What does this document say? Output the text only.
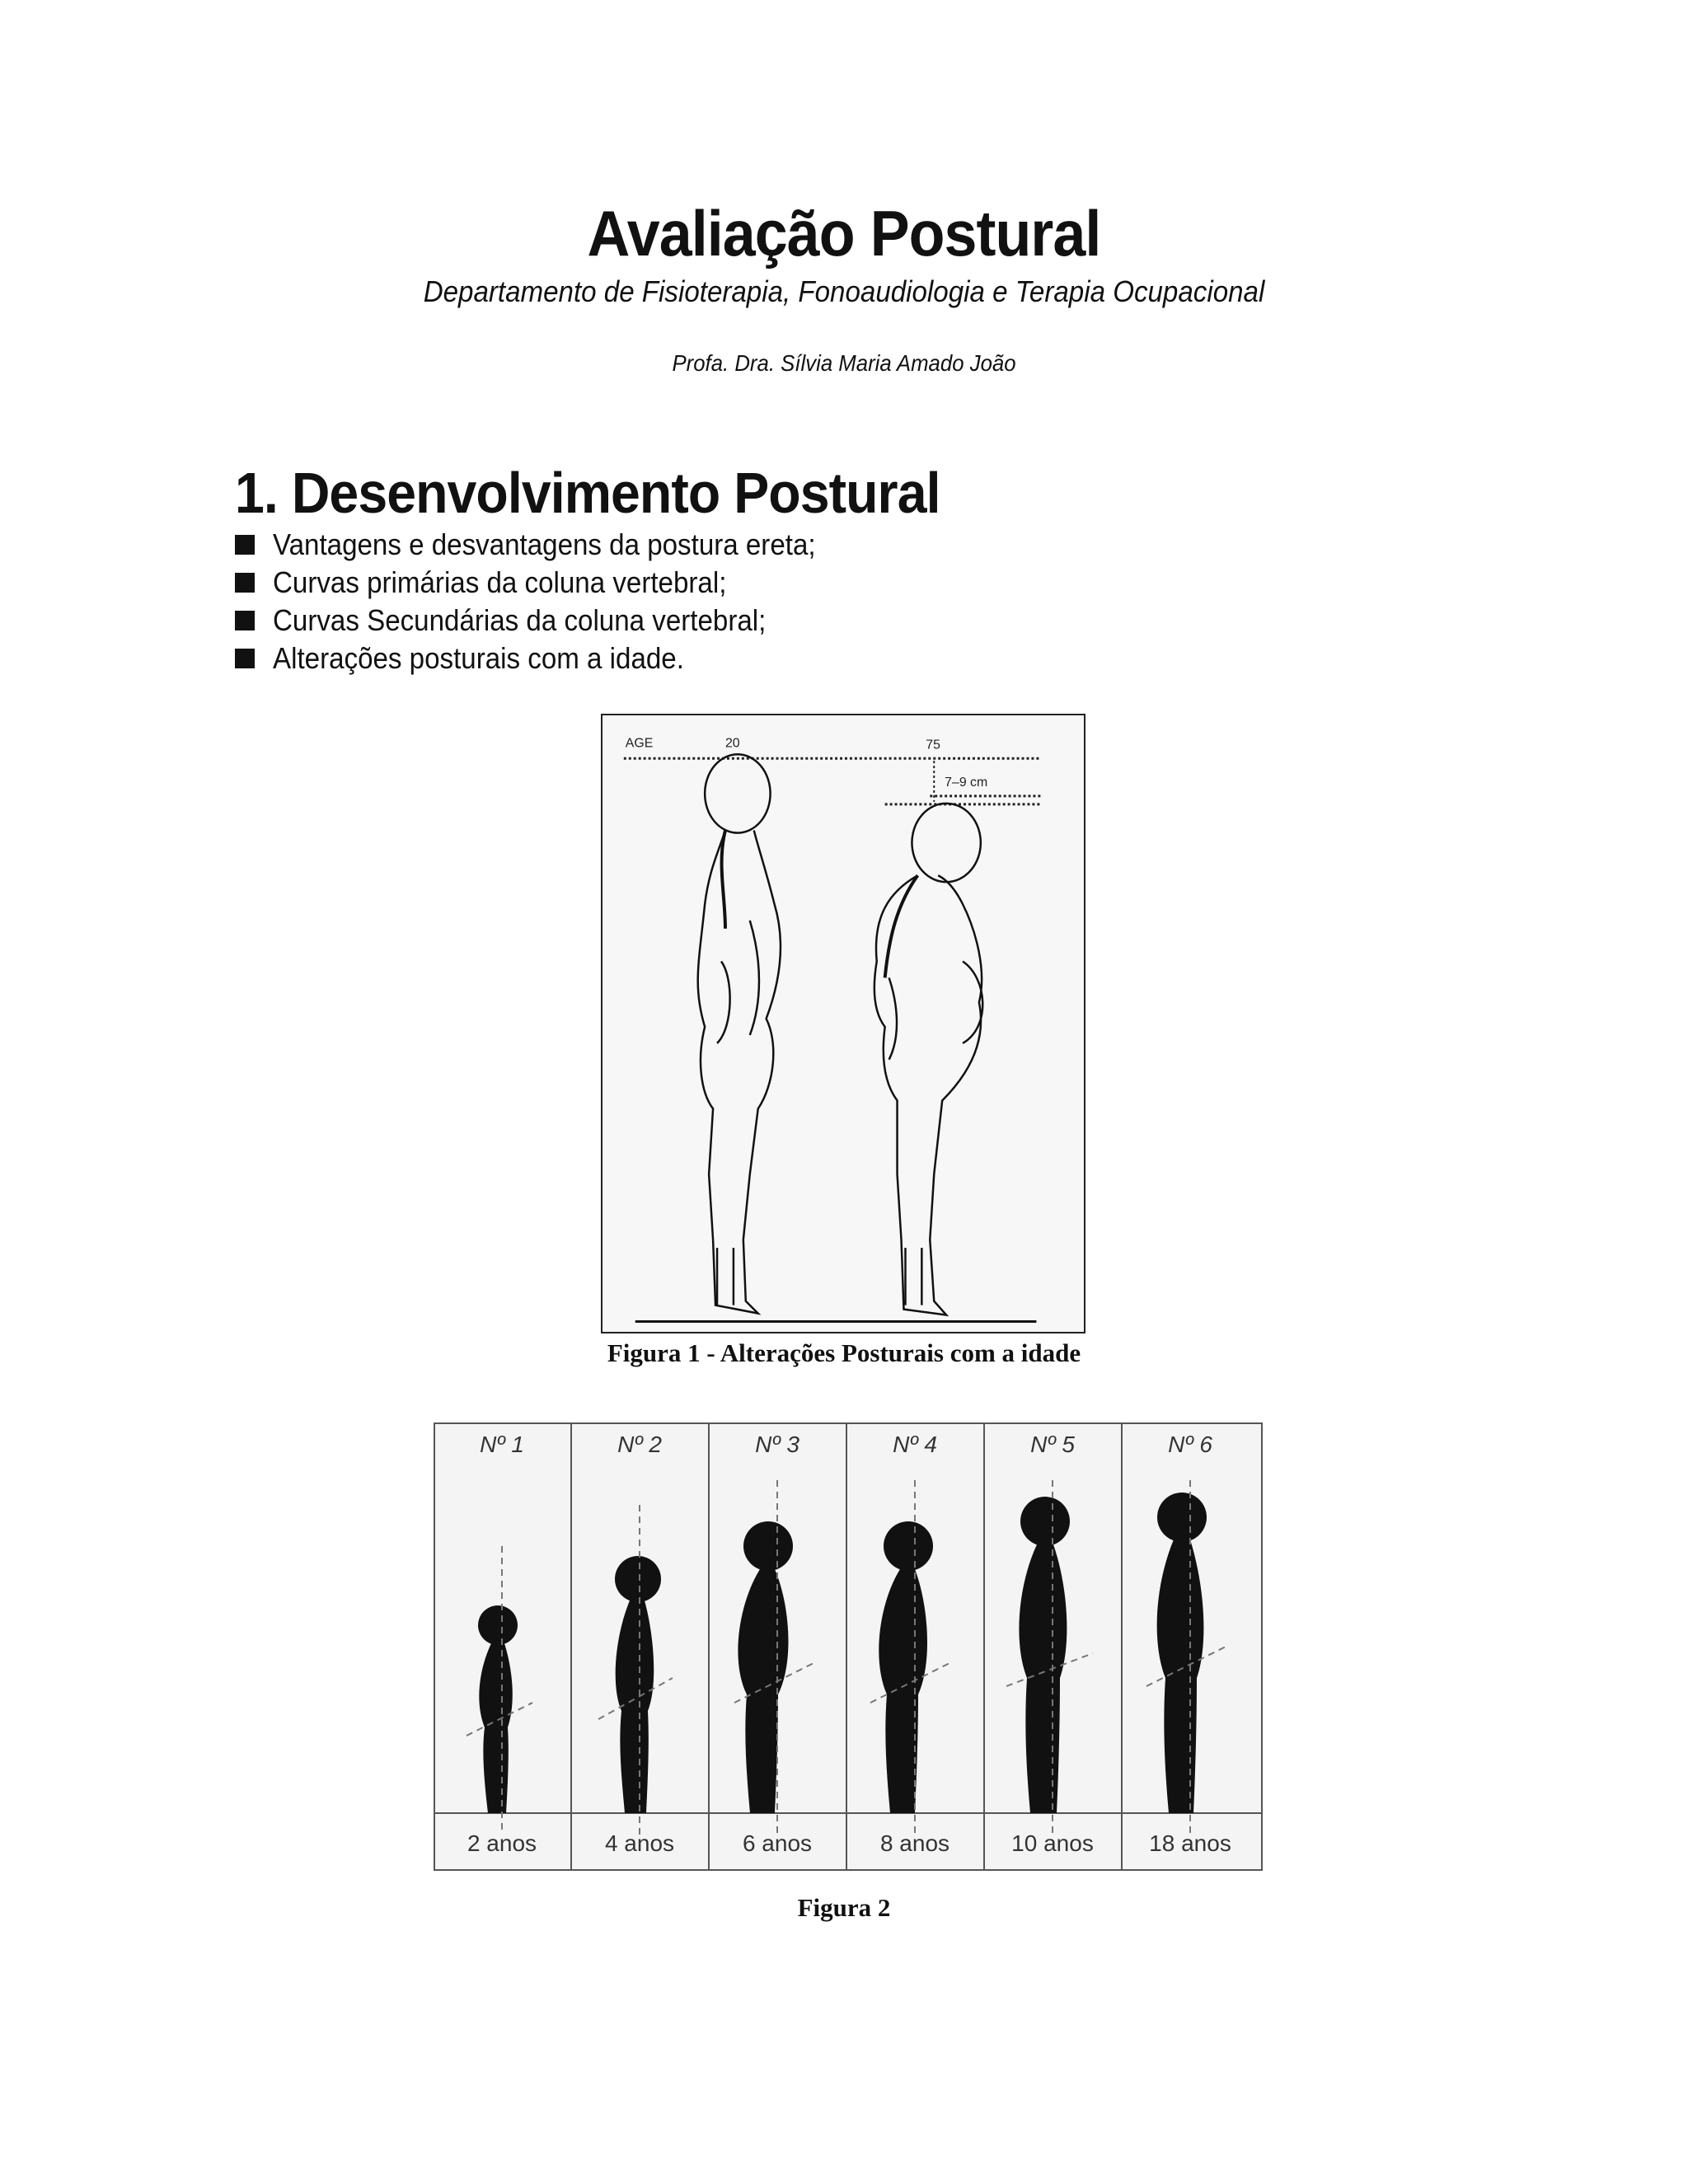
Avaliação Postural
Departamento de Fisioterapia, Fonoaudiologia e Terapia Ocupacional
Profa. Dra. Sílvia Maria Amado João
1. Desenvolvimento Postural
Vantagens e desvantagens da postura ereta;
Curvas primárias da coluna vertebral;
Curvas Secundárias da coluna vertebral;
Alterações posturais com a idade.
AGE	20	75
7–9 cm
Figura 1 - Alterações Posturais com a idade
Nº 1	Nº 2	Nº 3	Nº 4	Nº 5	Nº 6
2 anos	4 anos	6 anos	8 anos	10 anos 18 anos
Figura 2
